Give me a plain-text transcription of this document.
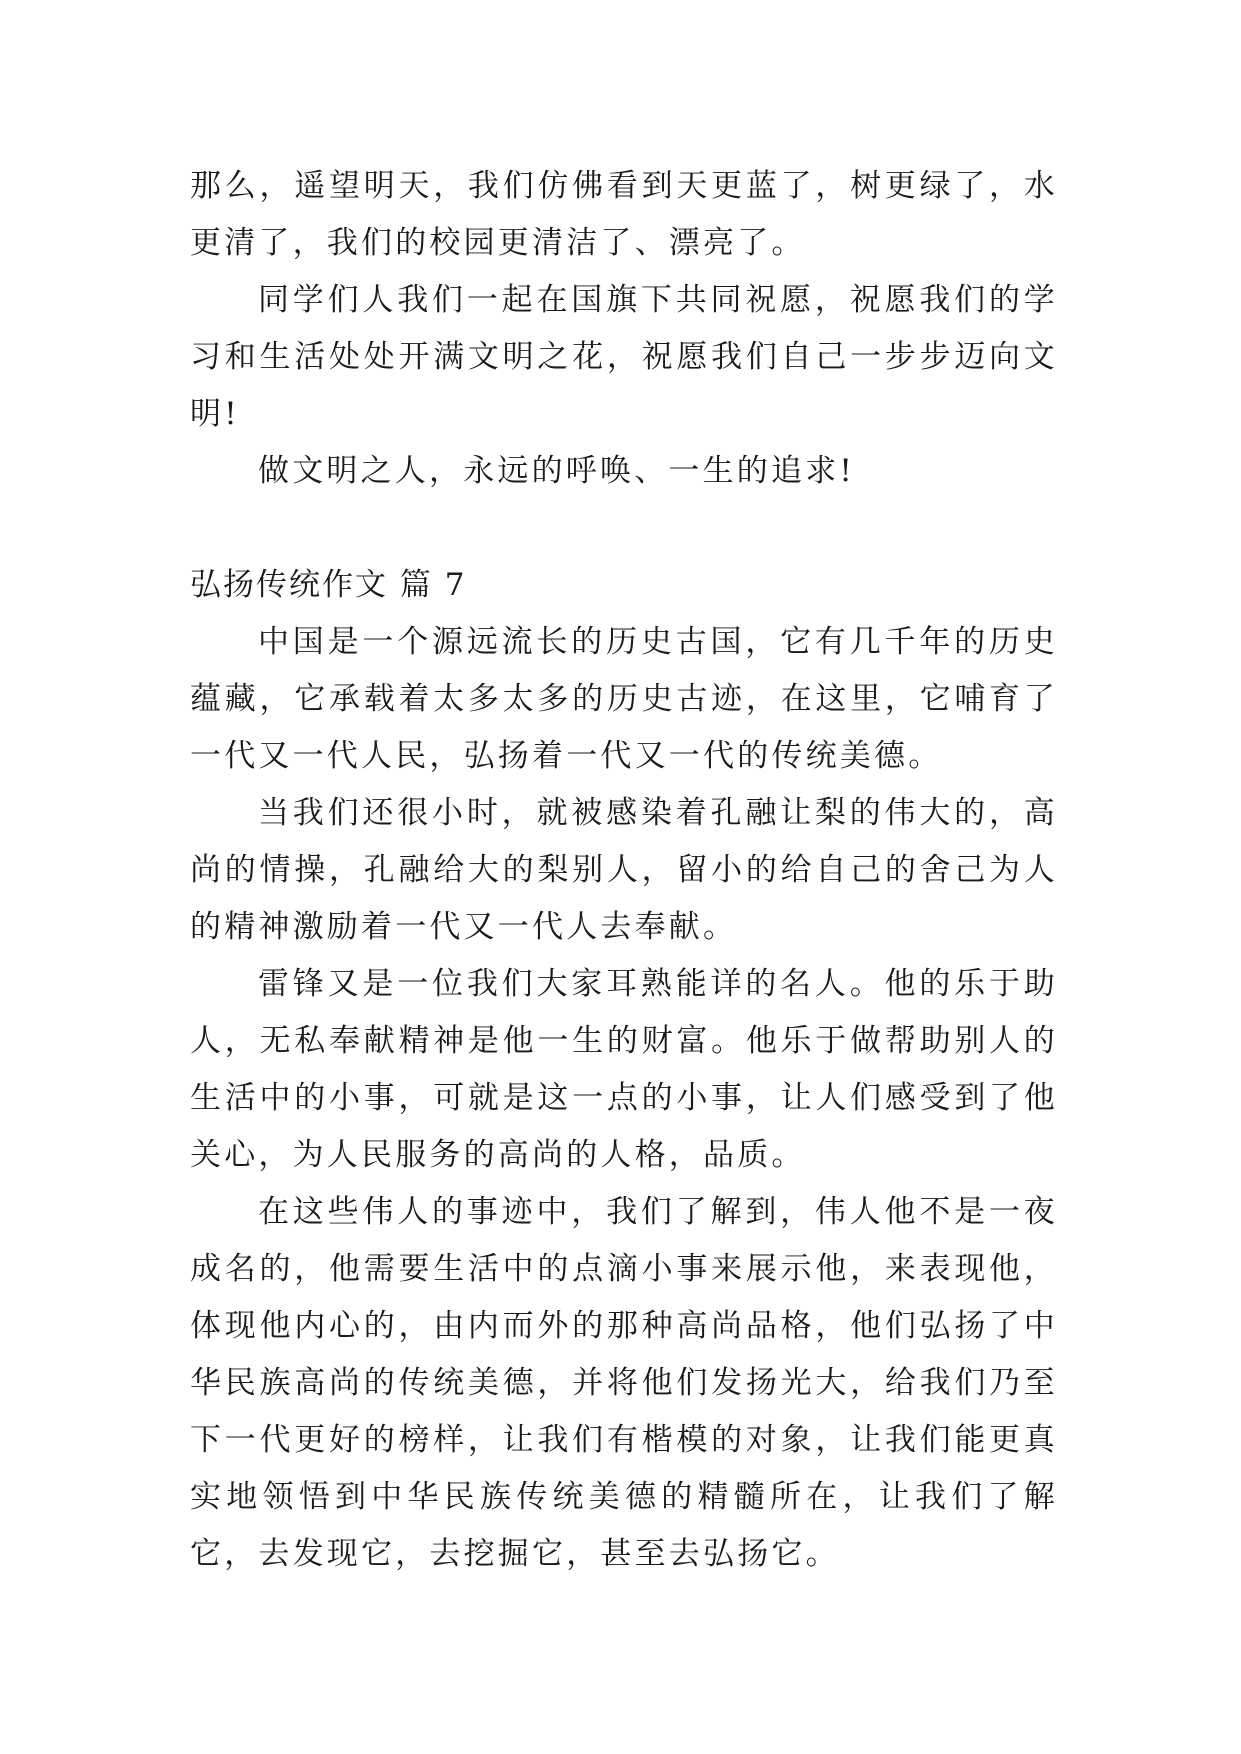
那么，遥望明天，我们仿佛看到天更蓝了，树更绿了，水更清了，我们的校园更清洁了、漂亮了。

同学们人我们一起在国旗下共同祝愿，祝愿我们的学习和生活处处开满文明之花，祝愿我们自己一步步迈向文明!

做文明之人，永远的呼唤、一生的追求!

弘扬传统作文 篇 7

中国是一个源远流长的历史古国，它有几千年的历史蕴藏，它承载着太多太多的历史古迹，在这里，它哺育了一代又一代人民，弘扬着一代又一代的传统美德。

当我们还很小时，就被感染着孔融让梨的伟大的，高尚的情操，孔融给大的梨别人，留小的给自己的舍己为人的精神激励着一代又一代人去奉献。

雷锋又是一位我们大家耳熟能详的名人。他的乐于助人，无私奉献精神是他一生的财富。他乐于做帮助别人的生活中的小事，可就是这一点的小事，让人们感受到了他关心，为人民服务的高尚的人格，品质。

在这些伟人的事迹中，我们了解到，伟人他不是一夜成名的，他需要生活中的点滴小事来展示他，来表现他，体现他内心的，由内而外的那种高尚品格，他们弘扬了中华民族高尚的传统美德，并将他们发扬光大，给我们乃至下一代更好的榜样，让我们有楷模的对象，让我们能更真实地领悟到中华民族传统美德的精髓所在，让我们了解它，去发现它，去挖掘它，甚至去弘扬它。
